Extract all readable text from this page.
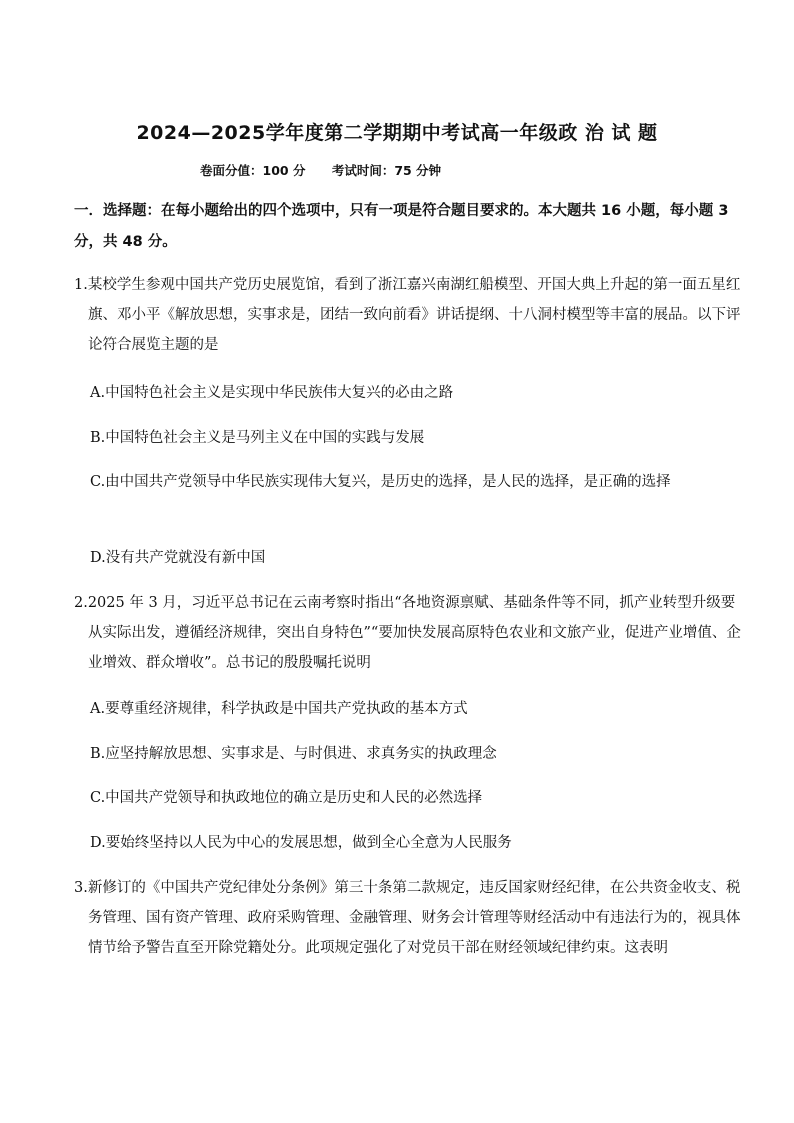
2024—2025学年度第二学期期中考试高一年级政 治 试 题
卷面分值：100 分 考试时间：75 分钟
一．选择题：在每小题给出的四个选项中，只有一项是符合题目要求的。本大题共 16 小题，每小题 3 分，共 48 分。
1.某校学生参观中国共产党历史展览馆，看到了浙江嘉兴南湖红船模型、开国大典上升起的第一面五星红旗、邓小平《解放思想，实事求是，团结一致向前看》讲话提纲、十八洞村模型等丰富的展品。以下评论符合展览主题的是
A.中国特色社会主义是实现中华民族伟大复兴的必由之路
B.中国特色社会主义是马列主义在中国的实践与发展
C.由中国共产党领导中华民族实现伟大复兴，是历史的选择，是人民的选择，是正确的选择
D.没有共产党就没有新中国
2.2025 年 3 月，习近平总书记在云南考察时指出“各地资源禀赋、基础条件等不同，抓产业转型升级要从实际出发，遵循经济规律，突出自身特色”“要加快发展高原特色农业和文旅产业，促进产业增值、企业增效、群众增收”。总书记的殷殷嘱托说明
A.要尊重经济规律，科学执政是中国共产党执政的基本方式
B.应坚持解放思想、实事求是、与时俱进、求真务实的执政理念
C.中国共产党领导和执政地位的确立是历史和人民的必然选择
D.要始终坚持以人民为中心的发展思想，做到全心全意为人民服务
3.新修订的《中国共产党纪律处分条例》第三十条第二款规定，违反国家财经纪律，在公共资金收支、税务管理、国有资产管理、政府采购管理、金融管理、财务会计管理等财经活动中有违法行为的，视具体情节给予警告直至开除党籍处分。此项规定强化了对党员干部在财经领域纪律约束。这表明
